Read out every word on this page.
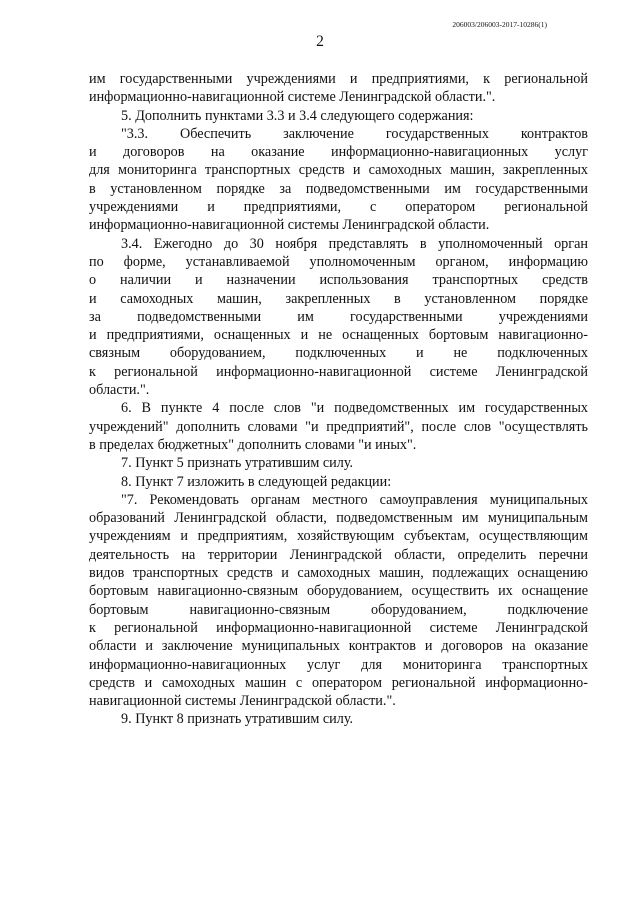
206003/206003-2017-10286(1)
2
им государственными учреждениями и предприятиями, к региональной
информационно-навигационной системе Ленинградской области.".
5. Дополнить пунктами 3.3 и 3.4 следующего содержания:
"3.3. Обеспечить заключение государственных контрактов
и договоров на оказание информационно-навигационных услуг
для мониторинга транспортных средств и самоходных машин, закрепленных
в установленном порядке за подведомственными им государственными
учреждениями и предприятиями, с оператором региональной
информационно-навигационной системы Ленинградской области.
3.4. Ежегодно до 30 ноября представлять в уполномоченный орган
по форме, устанавливаемой уполномоченным органом, информацию
о наличии и назначении использования транспортных средств
и самоходных машин, закрепленных в установленном порядке
за подведомственными им государственными учреждениями
и предприятиями, оснащенных и не оснащенных бортовым навигационно-
связным оборудованием, подключенных и не подключенных
к региональной информационно-навигационной системе Ленинградской
области.".
6. В пункте 4 после слов "и подведомственных им государственных
учреждений" дополнить словами "и предприятий", после слов "осуществлять
в пределах бюджетных" дополнить словами "и иных".
7. Пункт 5 признать утратившим силу.
8. Пункт 7 изложить в следующей редакции:
"7. Рекомендовать органам местного самоуправления муниципальных
образований Ленинградской области, подведомственным им муниципальным
учреждениям и предприятиям, хозяйствующим субъектам, осуществляющим
деятельность на территории Ленинградской области, определить перечни
видов транспортных средств и самоходных машин, подлежащих оснащению
бортовым навигационно-связным оборудованием, осуществить их оснащение
бортовым навигационно-связным оборудованием, подключение
к региональной информационно-навигационной системе Ленинградской
области и заключение муниципальных контрактов и договоров на оказание
информационно-навигационных услуг для мониторинга транспортных
средств и самоходных машин с оператором региональной информационно-
навигационной системы Ленинградской области.".
9. Пункт 8 признать утратившим силу.
